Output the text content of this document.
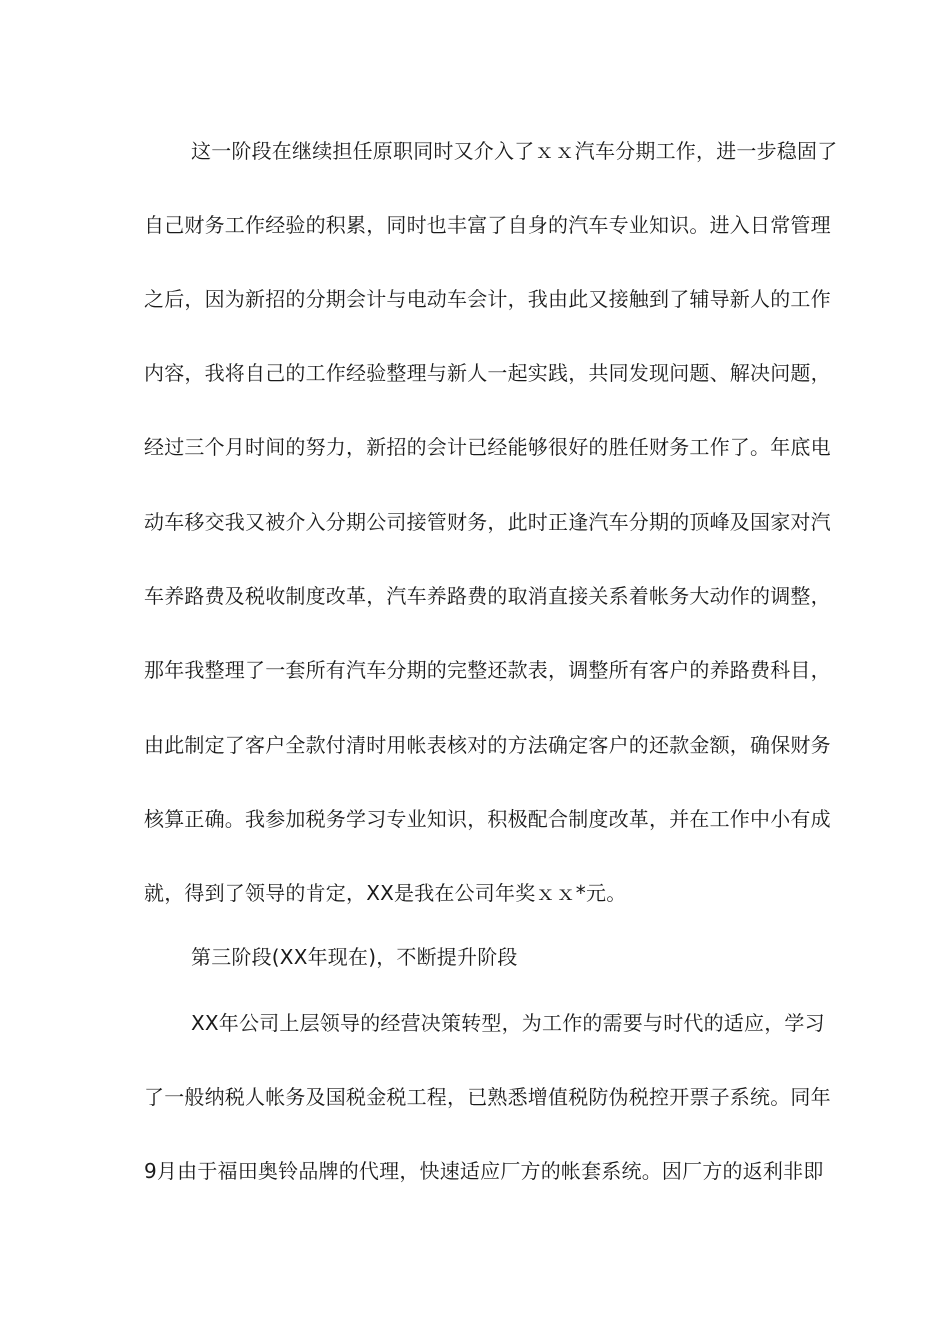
这一阶段在继续担任原职同时又介入了ｘｘ汽车分期工作，进一步稳固了
自己财务工作经验的积累，同时也丰富了自身的汽车专业知识。进入日常管理
之后，因为新招的分期会计与电动车会计，我由此又接触到了辅导新人的工作
内容，我将自己的工作经验整理与新人一起实践，共同发现问题、解决问题，
经过三个月时间的努力，新招的会计已经能够很好的胜任财务工作了。年底电
动车移交我又被介入分期公司接管财务，此时正逢汽车分期的顶峰及国家对汽
车养路费及税收制度改革，汽车养路费的取消直接关系着帐务大动作的调整，
那年我整理了一套所有汽车分期的完整还款表，调整所有客户的养路费科目，
由此制定了客户全款付清时用帐表核对的方法确定客户的还款金额，确保财务
核算正确。我参加税务学习专业知识，积极配合制度改革，并在工作中小有成
就，得到了领导的肯定，XX是我在公司年奖ｘｘ*元。
第三阶段(XX年现在)，不断提升阶段
XX年公司上层领导的经营决策转型，为工作的需要与时代的适应，学习
了一般纳税人帐务及国税金税工程，已熟悉增值税防伪税控开票子系统。同年
9月由于福田奥铃品牌的代理，快速适应厂方的帐套系统。因厂方的返利非即
